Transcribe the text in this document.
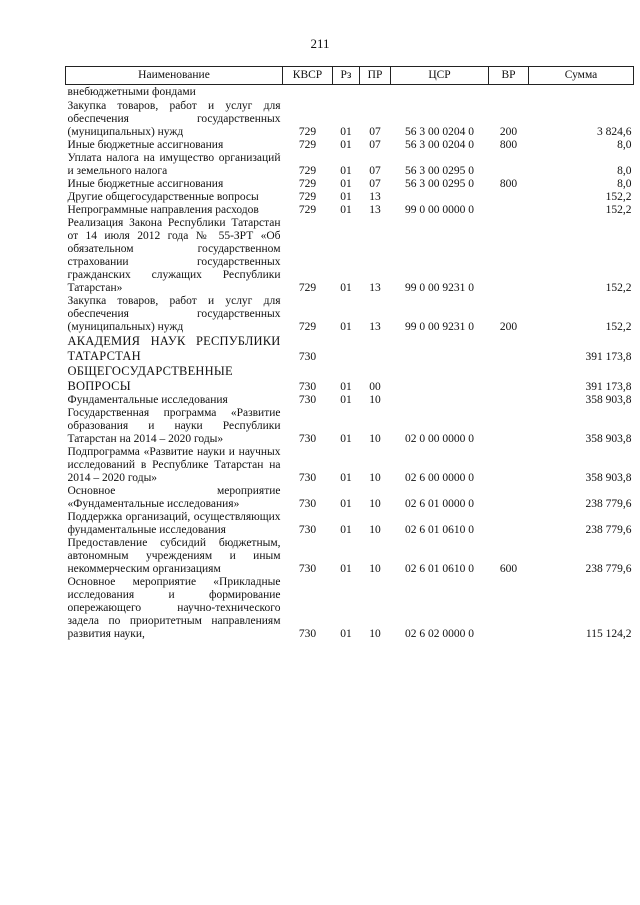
211
Наименование	КВСР	Рз	ПР	ЦСР	ВР	Сумма
внебюджетными фондами						
Закупка товаров, работ и услуг для обеспечения государственных (муниципальных) нужд	729	01	07	56 3 00 0204 0	200	3 824,6
Иные бюджетные ассигнования	729	01	07	56 3 00 0204 0	800	8,0
Уплата налога на имущество организаций и земельного налога	729	01	07	56 3 00 0295 0		8,0
Иные бюджетные ассигнования	729	01	07	56 3 00 0295 0	800	8,0
Другие общегосударственные вопросы	729	01	13			152,2
Непрограммные направления расходов	729	01	13	99 0 00 0000 0		152,2
Реализация Закона Республики Татарстан от 14 июля 2012 года № 55-ЗРТ «Об обязательном государственном страховании государственных гражданских служащих Республики Татарстан»	729	01	13	99 0 00 9231 0		152,2
Закупка товаров, работ и услуг для обеспечения государственных (муниципальных) нужд	729	01	13	99 0 00 9231 0	200	152,2
АКАДЕМИЯ НАУК РЕСПУБЛИКИ ТАТАРСТАН	730					391 173,8
ОБЩЕГОСУДАРСТВЕННЫЕ ВОПРОСЫ	730	01	00			391 173,8
Фундаментальные исследования	730	01	10			358 903,8
Государственная программа «Развитие образования и науки Республики Татарстан на 2014 – 2020 годы»	730	01	10	02 0 00 0000 0		358 903,8
Подпрограмма «Развитие науки и научных исследований в Республике Татарстан на 2014 – 2020 годы»	730	01	10	02 6 00 0000 0		358 903,8
Основное мероприятие «Фундаментальные исследования»	730	01	10	02 6 01 0000 0		238 779,6
Поддержка организаций, осуществляющих фундаментальные исследования	730	01	10	02 6 01 0610 0		238 779,6
Предоставление субсидий бюджетным, автономным учреждениям и иным некоммерческим организациям	730	01	10	02 6 01 0610 0	600	238 779,6
Основное мероприятие «Прикладные исследования и формирование опережающего научно-технического задела по приоритетным направлениям развития науки,	730	01	10	02 6 02 0000 0		115 124,2
